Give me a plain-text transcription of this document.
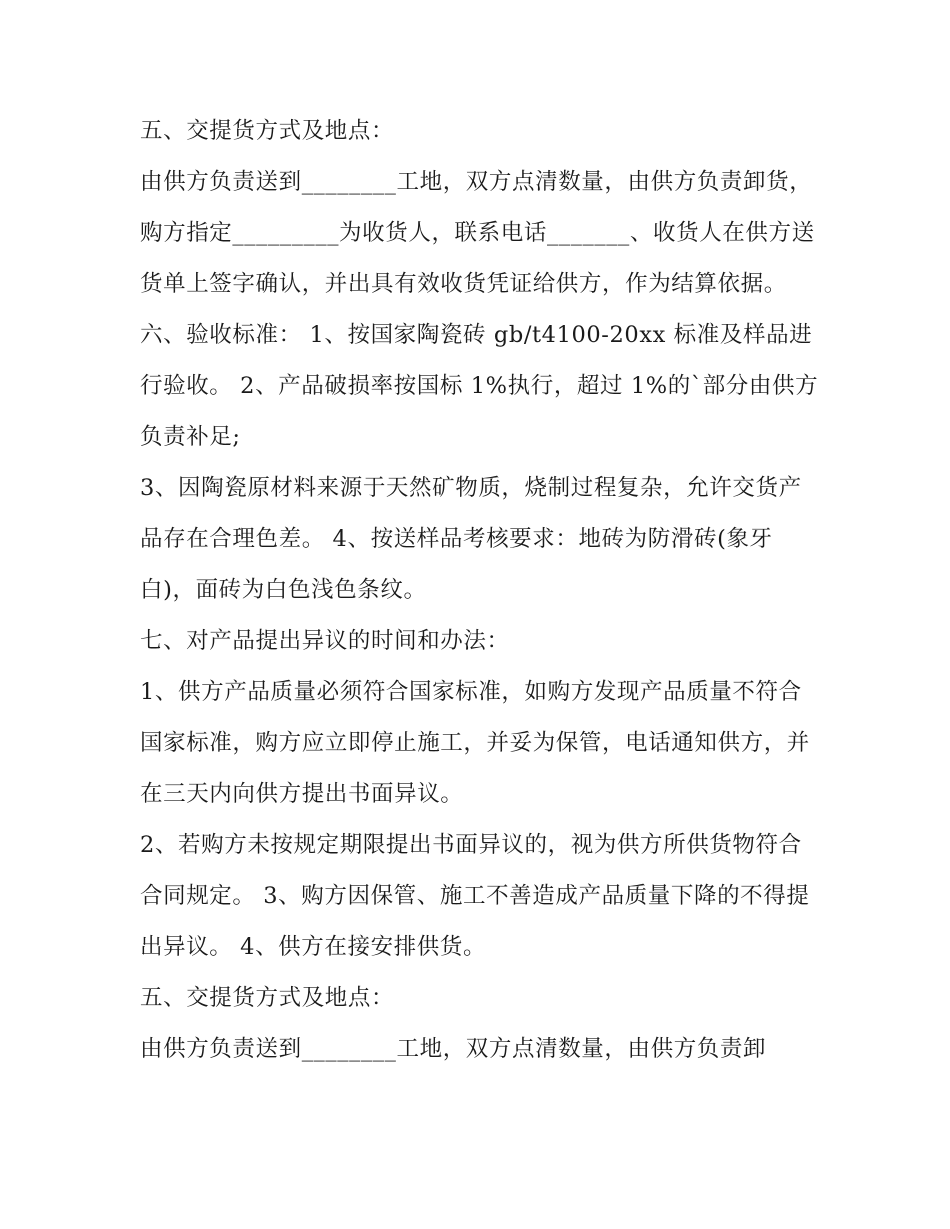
五、交提货方式及地点：

由供方负责送到________工地，双方点清数量，由供方负责卸货，购方指定_________为收货人，联系电话_______、收货人在供方送货单上签字确认，并出具有效收货凭证给供方，作为结算依据。

六、验收标准： 1、按国家陶瓷砖 gb/t4100-20xx 标准及样品进行验收。 2、产品破损率按国标 1%执行，超过 1%的`部分由供方负责补足;

3、因陶瓷原材料来源于天然矿物质，烧制过程复杂，允许交货产品存在合理色差。 4、按送样品考核要求：地砖为防滑砖(象牙白)，面砖为白色浅色条纹。

七、对产品提出异议的时间和办法：

1、供方产品质量必须符合国家标准，如购方发现产品质量不符合国家标准，购方应立即停止施工，并妥为保管，电话通知供方，并在三天内向供方提出书面异议。

2、若购方未按规定期限提出书面异议的，视为供方所供货物符合合同规定。 3、购方因保管、施工不善造成产品质量下降的不得提出异议。 4、供方在接安排供货。

五、交提货方式及地点：

由供方负责送到________工地，双方点清数量，由供方负责卸
